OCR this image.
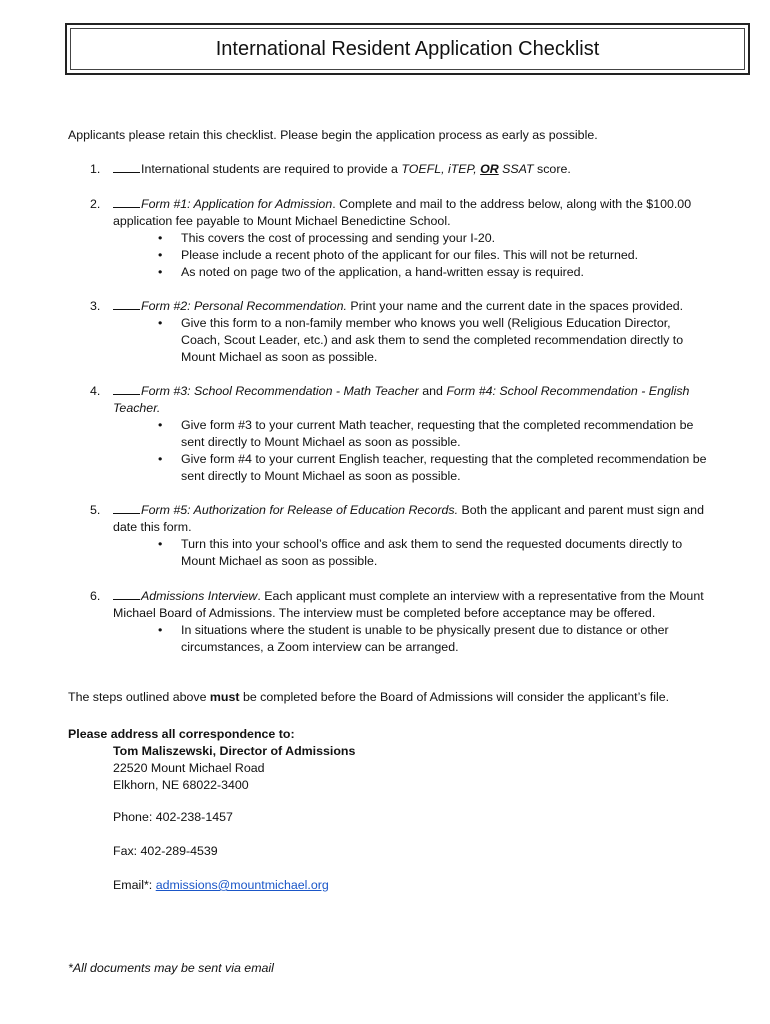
International Resident Application Checklist
Applicants please retain this checklist. Please begin the application process as early as possible.
1.	International students are required to provide a TOEFL, iTEP, OR SSAT score.
2.	Form #1: Application for Admission. Complete and mail to the address below, along with the $100.00 application fee payable to Mount Michael Benedictine School.
• This covers the cost of processing and sending your I-20.
• Please include a recent photo of the applicant for our files. This will not be returned.
• As noted on page two of the application, a hand-written essay is required.
3.	Form #2: Personal Recommendation. Print your name and the current date in the spaces provided.
• Give this form to a non-family member who knows you well (Religious Education Director, Coach, Scout Leader, etc.) and ask them to send the completed recommendation directly to Mount Michael as soon as possible.
4.	Form #3: School Recommendation - Math Teacher and Form #4: School Recommendation - English Teacher.
• Give form #3 to your current Math teacher, requesting that the completed recommendation be sent directly to Mount Michael as soon as possible.
• Give form #4 to your current English teacher, requesting that the completed recommendation be sent directly to Mount Michael as soon as possible.
5.	Form #5: Authorization for Release of Education Records. Both the applicant and parent must sign and date this form.
• Turn this into your school’s office and ask them to send the requested documents directly to Mount Michael as soon as possible.
6.	Admissions Interview. Each applicant must complete an interview with a representative from the Mount Michael Board of Admissions. The interview must be completed before acceptance may be offered.
• In situations where the student is unable to be physically present due to distance or other circumstances, a Zoom interview can be arranged.
The steps outlined above must be completed before the Board of Admissions will consider the applicant’s file.
Please address all correspondence to:
Tom Maliszewski, Director of Admissions
22520 Mount Michael Road
Elkhorn, NE 68022-3400
Phone: 402-238-1457
Fax: 402-289-4539
Email*: admissions@mountmichael.org
*All documents may be sent via email
